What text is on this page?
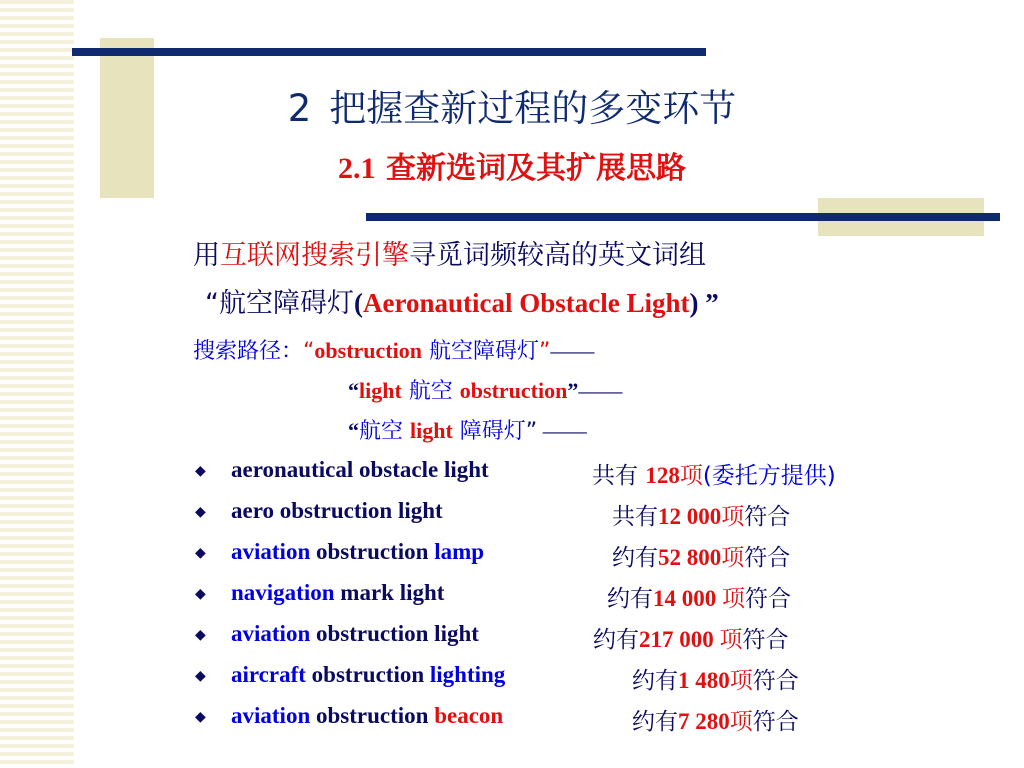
2 把握查新过程的多变环节
2.1 查新选词及其扩展思路
用互联网搜索引擎寻觅词频较高的英文词组
“航空障碍灯(Aeronautical Obstacle Light) ”
搜索路径：“obstruction 航空障碍灯”——
“light 航空 obstruction”——
“航空 light 障碍灯” ——
◆ aeronautical obstacle light	共有 128项(委托方提供)
◆ aero obstruction light	共有12 000项符合
◆ aviation obstruction lamp	约有52 800项符合
◆ navigation mark light	约有14 000 项符合
◆ aviation obstruction light	约有217 000 项符合
◆ aircraft obstruction lighting	约有1 480项符合
◆ aviation obstruction beacon	约有7 280项符合
